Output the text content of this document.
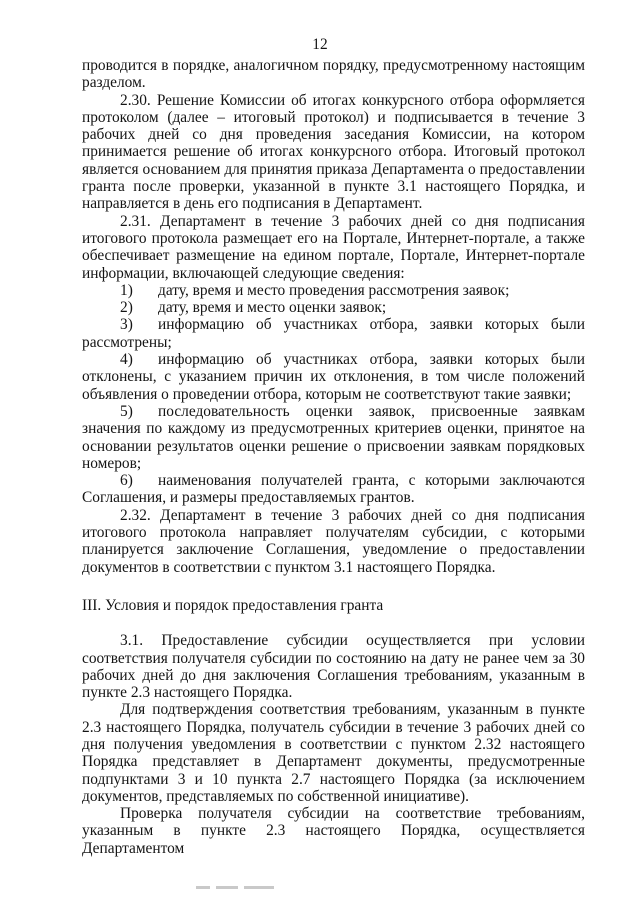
12

проводится в порядке, аналогичном порядку, предусмотренному настоящим разделом.

2.30. Решение Комиссии об итогах конкурсного отбора оформляется протоколом (далее – итоговый протокол) и подписывается в течение 3 рабочих дней со дня проведения заседания Комиссии, на котором принимается решение об итогах конкурсного отбора. Итоговый протокол является основанием для принятия приказа Департамента о предоставлении гранта после проверки, указанной в пункте 3.1 настоящего Порядка, и направляется в день его подписания в Департамент.

2.31. Департамент в течение 3 рабочих дней со дня подписания итогового протокола размещает его на Портале, Интернет-портале, а также обеспечивает размещение на едином портале, Портале, Интернет-портале информации, включающей следующие сведения:

1) дату, время и место проведения рассмотрения заявок;

2) дату, время и место оценки заявок;

3) информацию об участниках отбора, заявки которых были рассмотрены;

4) информацию об участниках отбора, заявки которых были отклонены, с указанием причин их отклонения, в том числе положений объявления о проведении отбора, которым не соответствуют такие заявки;

5) последовательность оценки заявок, присвоенные заявкам значения по каждому из предусмотренных критериев оценки, принятое на основании результатов оценки решение о присвоении заявкам порядковых номеров;

6) наименования получателей гранта, с которыми заключаются Соглашения, и размеры предоставляемых грантов.

2.32. Департамент в течение 3 рабочих дней со дня подписания итогового протокола направляет получателям субсидии, с которыми планируется заключение Соглашения, уведомление о предоставлении документов в соответствии с пунктом 3.1 настоящего Порядка.

III. Условия и порядок предоставления гранта

3.1. Предоставление субсидии осуществляется при условии соответствия получателя субсидии по состоянию на дату не ранее чем за 30 рабочих дней до дня заключения Соглашения требованиям, указанным в пункте 2.3 настоящего Порядка.

Для подтверждения соответствия требованиям, указанным в пункте 2.3 настоящего Порядка, получатель субсидии в течение 3 рабочих дней со дня получения уведомления в соответствии с пунктом 2.32 настоящего Порядка представляет в Департамент документы, предусмотренные подпунктами 3 и 10 пункта 2.7 настоящего Порядка (за исключением документов, представляемых по собственной инициативе).

Проверка получателя субсидии на соответствие требованиям, указанным в пункте 2.3 настоящего Порядка, осуществляется Департаментом
